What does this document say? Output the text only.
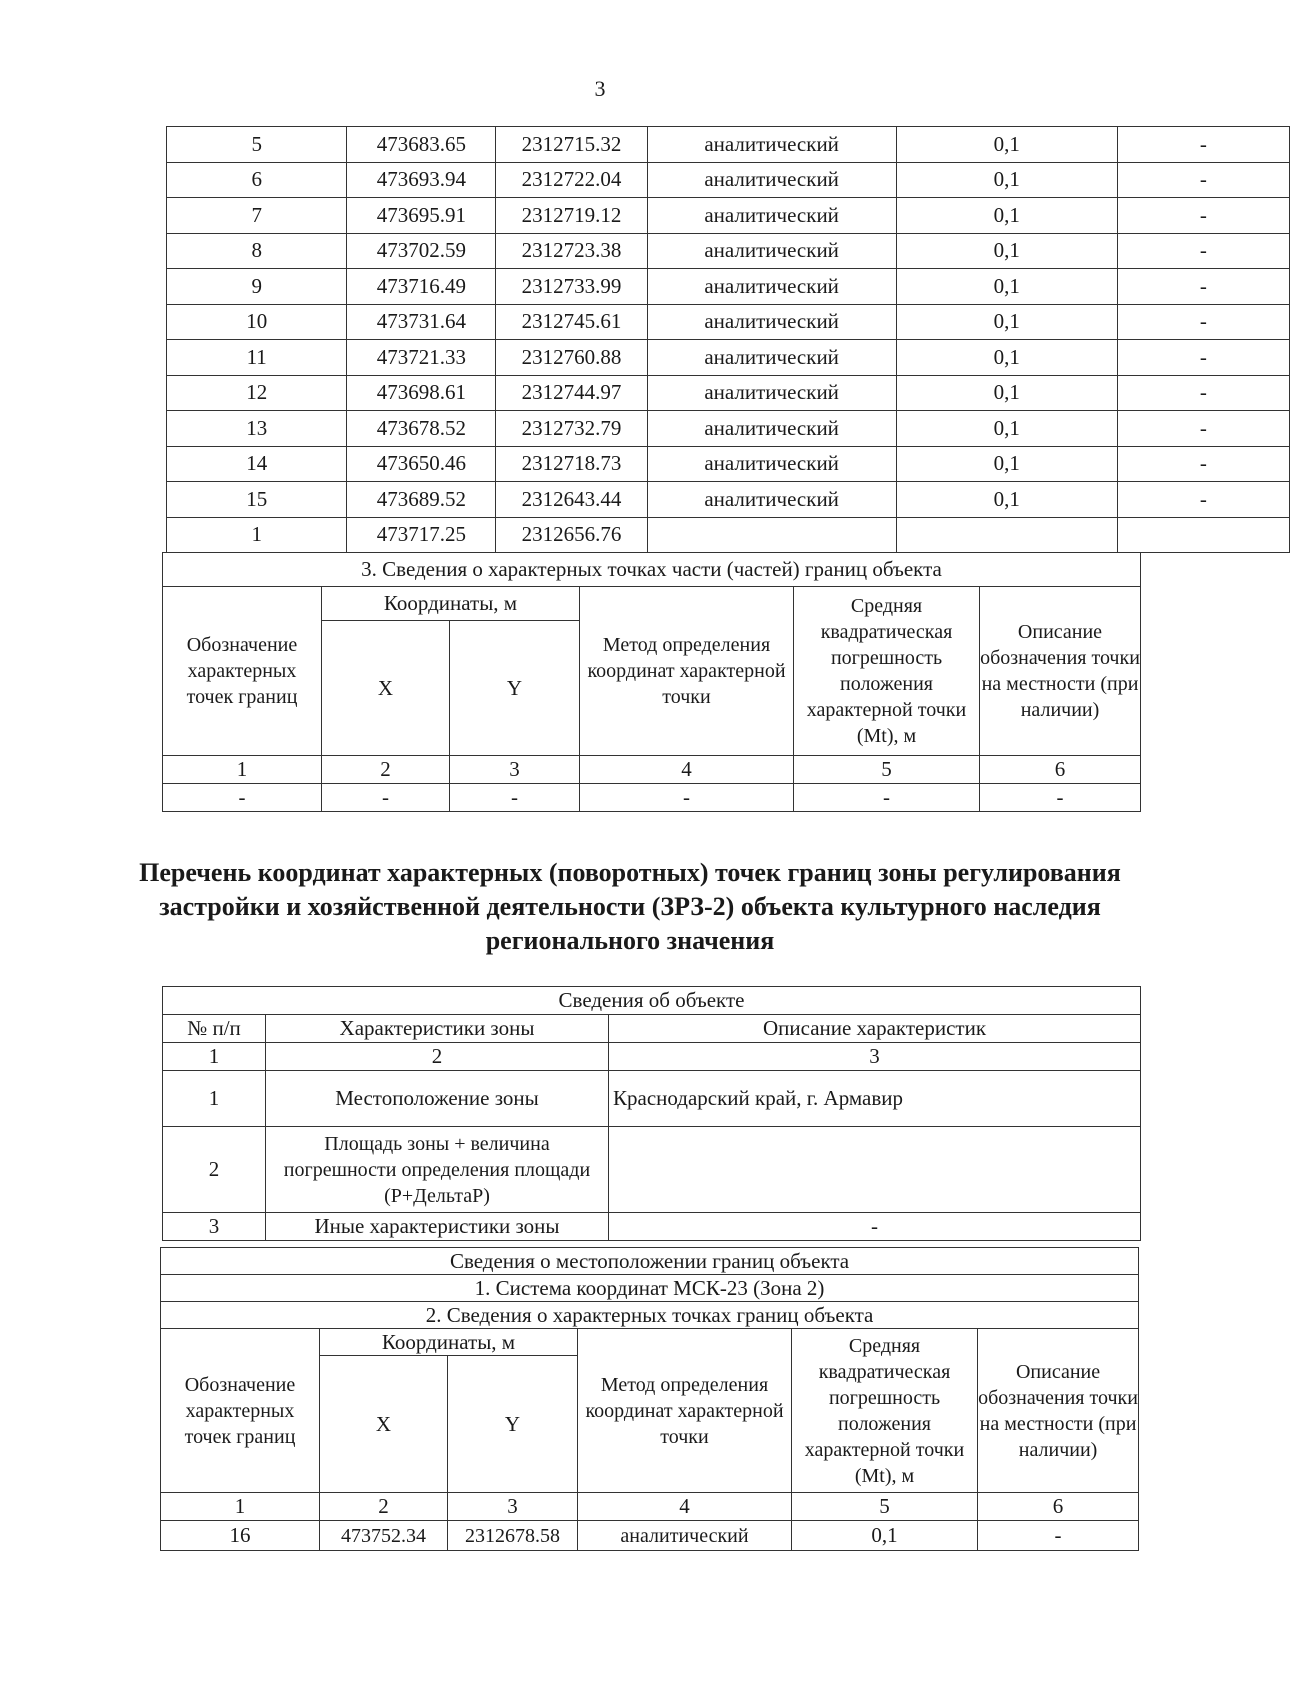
3
5	473683.65	2312715.32	аналитический	0,1	-
6	473693.94	2312722.04	аналитический	0,1	-
7	473695.91	2312719.12	аналитический	0,1	-
8	473702.59	2312723.38	аналитический	0,1	-
9	473716.49	2312733.99	аналитический	0,1	-
10	473731.64	2312745.61	аналитический	0,1	-
11	473721.33	2312760.88	аналитический	0,1	-
12	473698.61	2312744.97	аналитический	0,1	-
13	473678.52	2312732.79	аналитический	0,1	-
14	473650.46	2312718.73	аналитический	0,1	-
15	473689.52	2312643.44	аналитический	0,1	-
1	473717.25	2312656.76			
3. Сведения о характерных точках части (частей) границ объекта					
Обозначение характерных точек границ	Координаты, м		Метод определения координат характерной точки	Средняя квадратическая погрешность положения характерной точки (Mt), м	Описание обозначения точки на местности (при наличии)
	X	Y			
1	2	3	4	5	6
-	-	-	-	-	-
Перечень координат характерных (поворотных) точек границ зоны регулирования застройки и хозяйственной деятельности (ЗРЗ-2) объекта культурного наследия регионального значения
Сведения об объекте		
№ п/п	Характеристики зоны	Описание характеристик
1	2	3
1	Местоположение зоны	Краснодарский край, г. Армавир
2	Площадь зоны + величина погрешности определения площади (P+ДельтаP)	
3	Иные характеристики зоны	-
Сведения о местоположении границ объекта					
1. Система координат МСК-23 (Зона 2)					
2. Сведения о характерных точках границ объекта					
Обозначение характерных точек границ	Координаты, м		Метод определения координат характерной точки	Средняя квадратическая погрешность положения характерной точки (Mt), м	Описание обозначения точки на местности (при наличии)
	X	Y			
1	2	3	4	5	6
16	473752.34	2312678.58	аналитический	0,1	-
